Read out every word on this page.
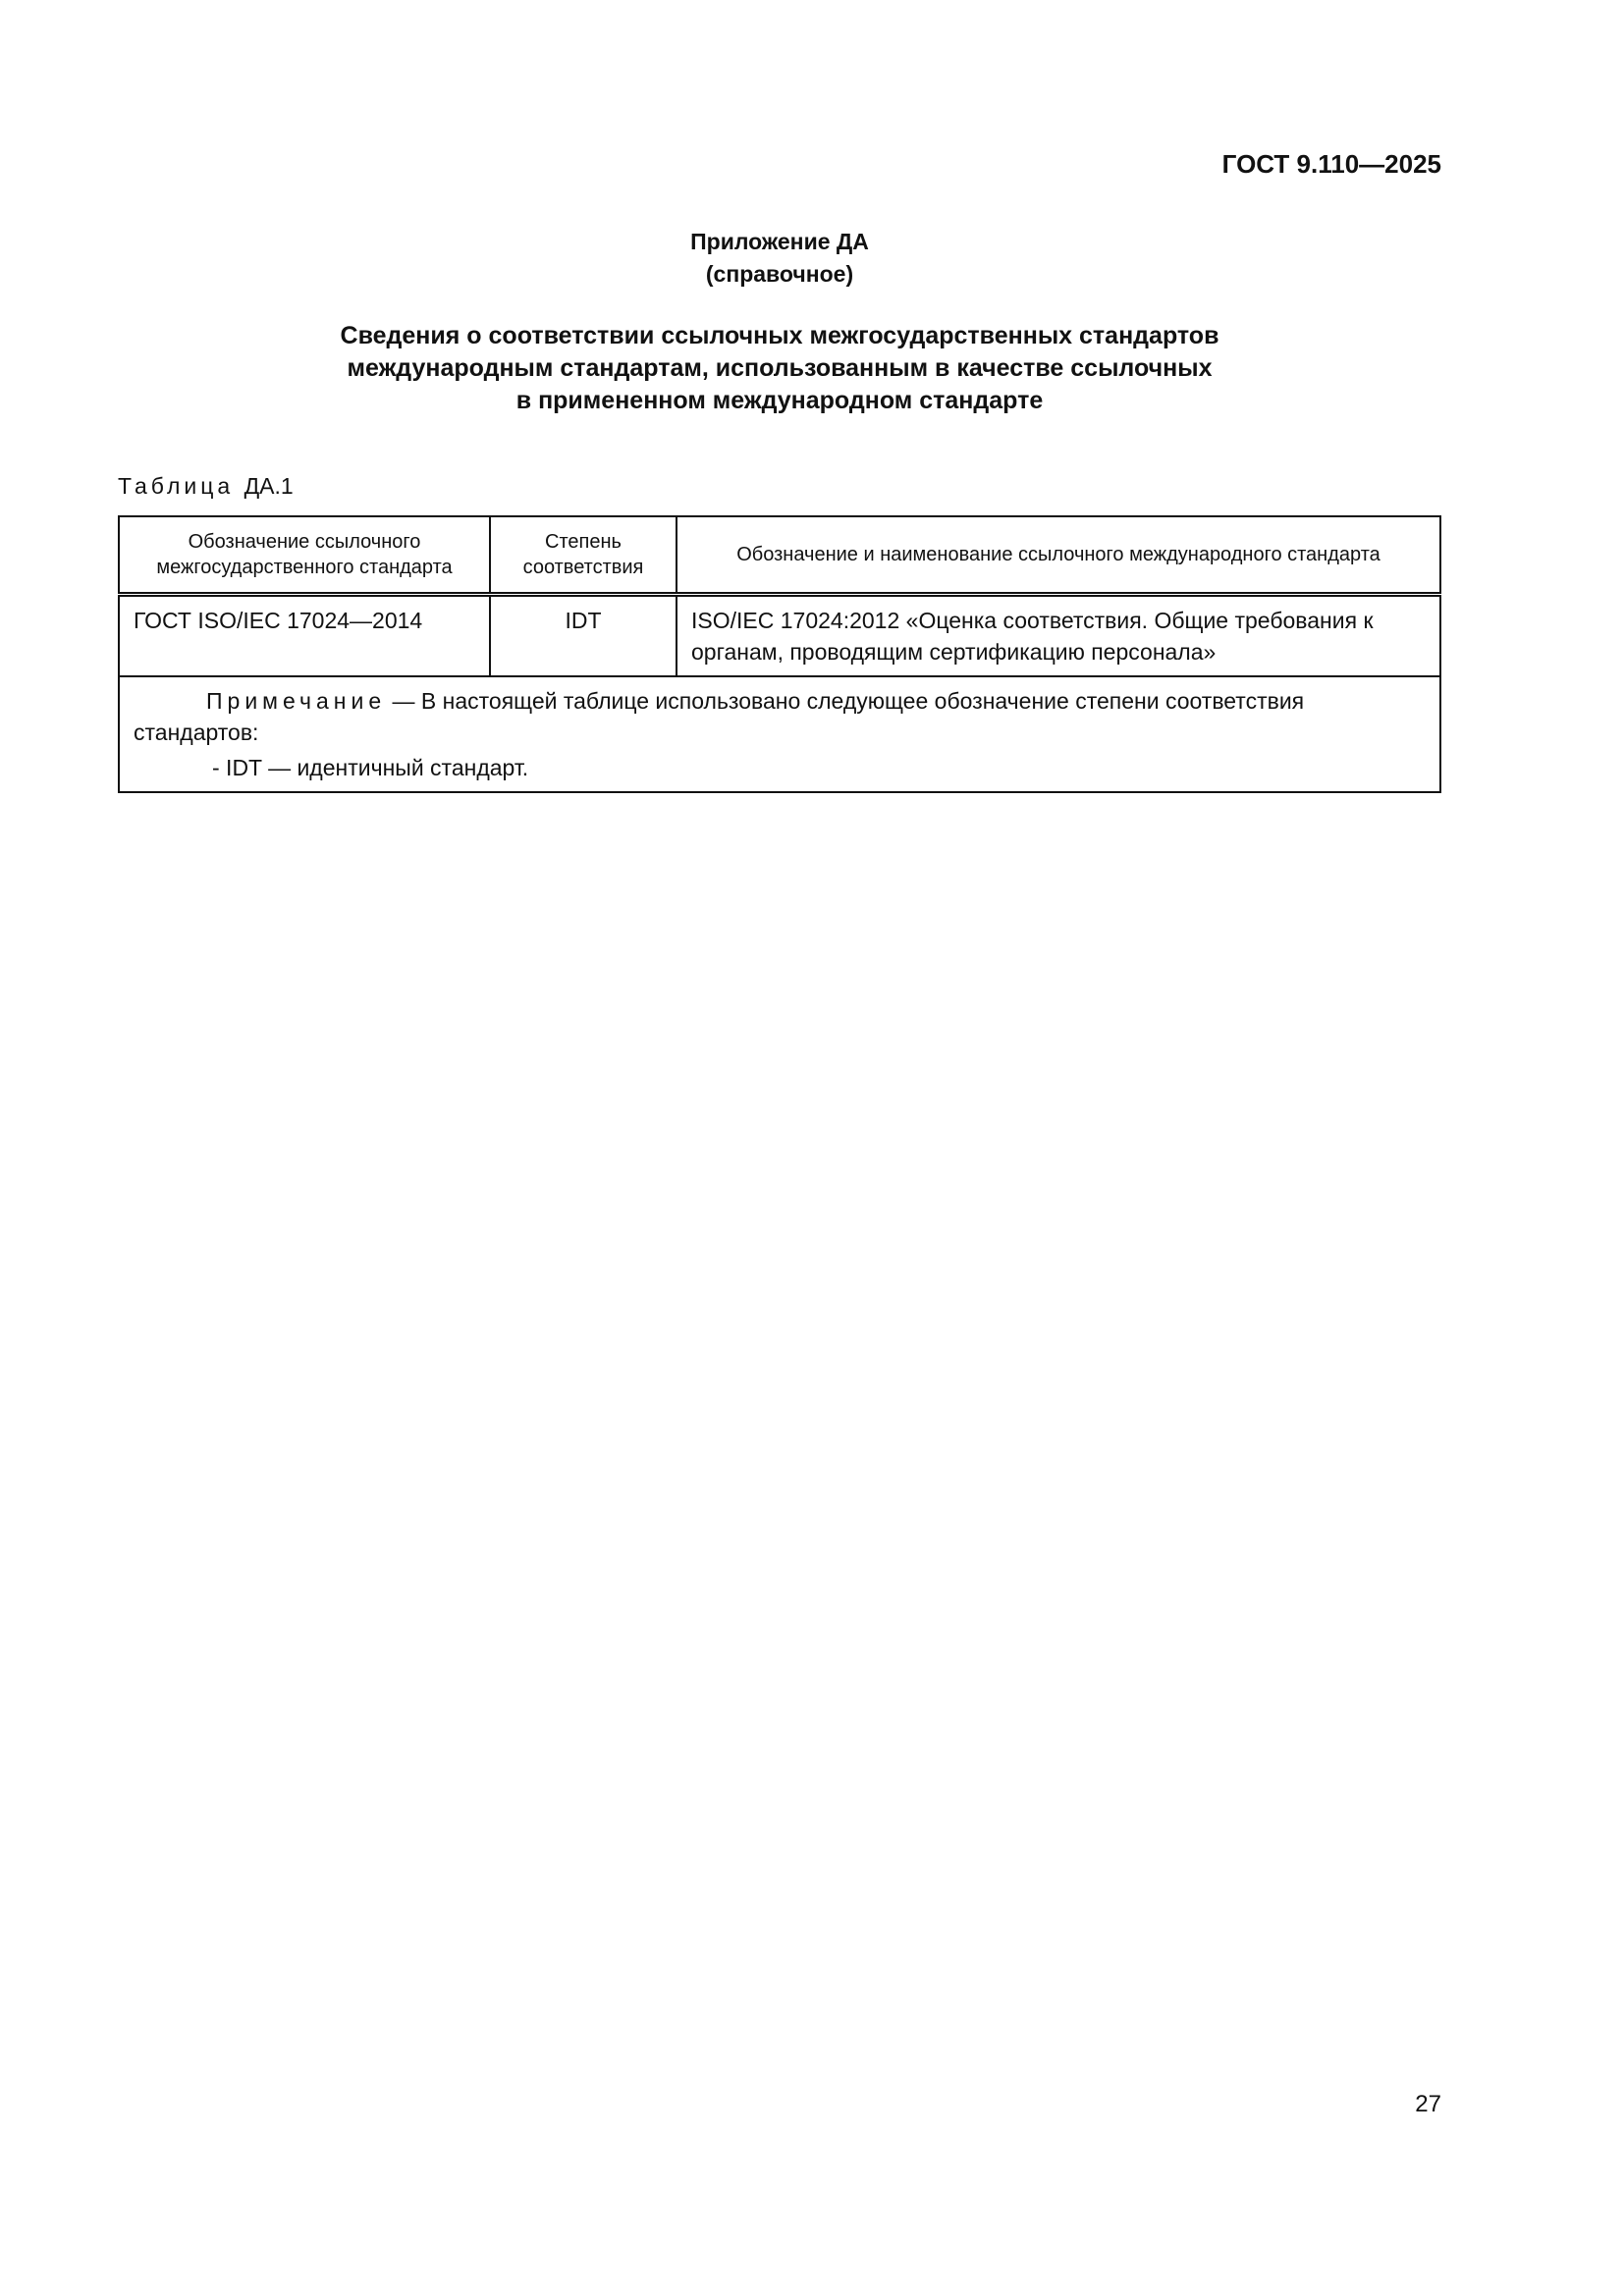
ГОСТ 9.110—2025
Приложение ДА
(справочное)
Сведения о соответствии ссылочных межгосударственных стандартов
международным стандартам, использованным в качестве ссылочных
в примененном международном стандарте
Таблица ДА.1
Обозначение ссылочного межгосударственного стандарта	Степень соответствия	Обозначение и наименование ссылочного международного стандарта
ГОСТ ISO/IEC 17024—2014	IDT	ISO/IEC 17024:2012 «Оценка соответствия. Общие требования к органам, проводящим сертификацию персонала»

Примечание — В настоящей таблице использовано следующее обозначение степени соответствия стандартов:
- IDT — идентичный стандарт.		
27
